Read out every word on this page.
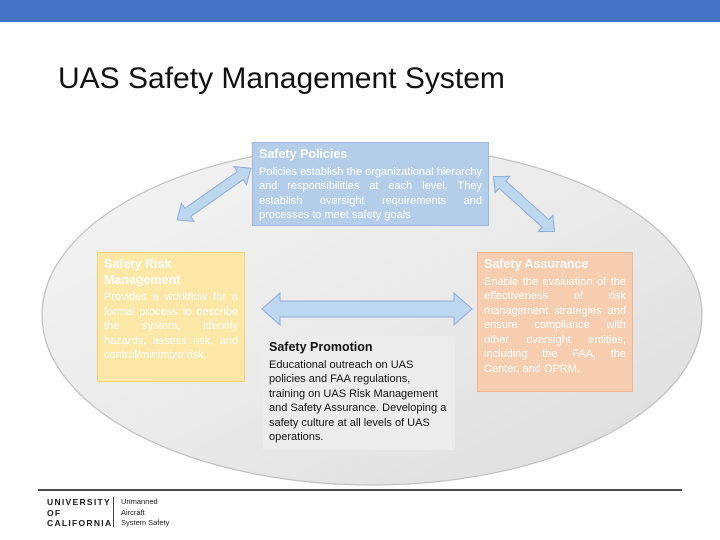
UAS Safety Management System
Safety Policies
Policies establish the organizational hierarchy and responsibilities at each level. They establish oversight requirements and processes to meet safety goals
Safety Risk Management
Provides a workflow for a formal process to describe the system, identify hazards, assess risk, and control/minimize risk.
Safety Assurance
Enable the evaluation of the effectiveness of risk management strategies and ensure compliance with other oversight entities, including the FAA, the Center, and OPRM.
Safety Promotion
Educational outreach on UAS policies and FAA regulations, training on UAS Risk Management and Safety Assurance. Developing a safety culture at all levels of UAS operations.
UNIVERSITY
OF
CALIFORNIA
Unmanned
Aircraft
System Safety
